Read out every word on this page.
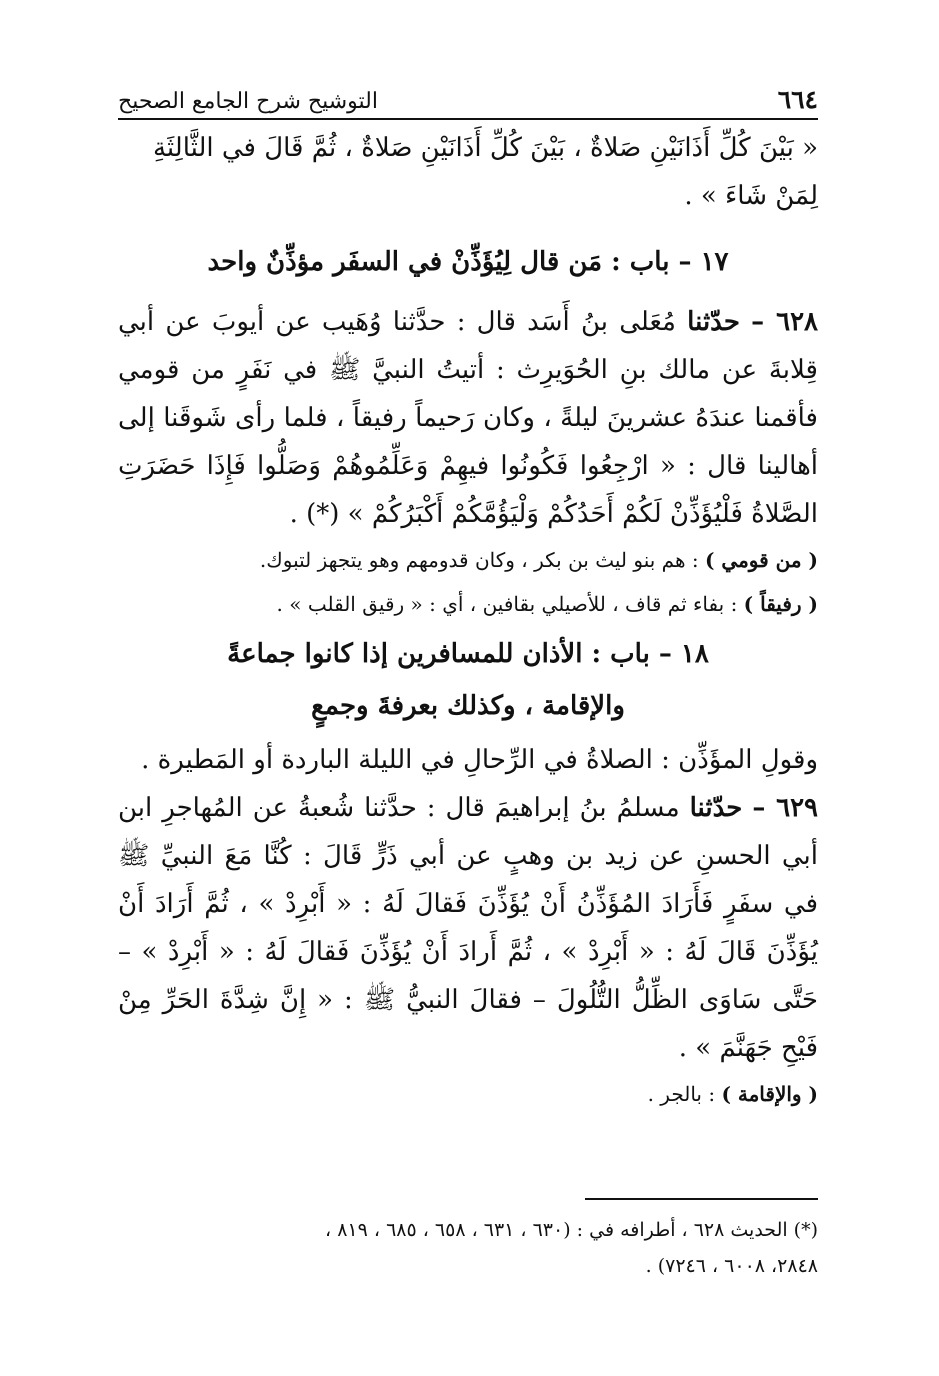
٦٦٤
التوشيح شرح الجامع الصحيح

« بَيْنَ كُلِّ أَذَانَيْنِ صَلاةٌ ، بَيْنَ كُلِّ أَذَانَيْنِ صَلاةٌ ، ثُمَّ قَالَ في الثَّالِثَةِ
لِمَنْ شَاءَ » .

١٧ – باب : مَن قال لِيُؤَذِّنْ في السفَر مؤذِّنٌ واحد

٦٢٨ – حدّثنا مُعَلى بنُ أَسَد قال : حدَّثنا وُهَيب عن أيوبَ عن أبي قِلابةَ عن مالك بنِ الحُوَيرِث : أتيتُ النبيَّ ﷺ في نَفَرٍ من قومي فأقمنا عندَهُ عشرينَ ليلةً ، وكان رَحيماً رفيقاً ، فلما رأى شَوقَنا إلى أهالينا قال : « ارْجِعُوا فَكُونُوا فيهِمْ وَعَلِّمُوهُمْ وَصَلُّوا فَإِذَا حَضَرَتِ الصَّلاةُ فَلْيُؤَذِّنْ لَكُمْ أَحَدُكُمْ وَلْيَؤُمَّكُمْ أَكْبَرُكُمْ » (*) .

( من قومي ) : هم بنو ليث بن بكر ، وكان قدومهم وهو يتجهز لتبوك.
( رفيقاً ) : بفاء ثم قاف ، للأصيلي بقافين ، أي : « رقيق القلب » .
١٨ – باب : الأذان للمسافرين إذا كانوا جماعةً
والإقامة ، وكذلك بعرفةَ وجمعٍ

وقولِ المؤَذِّن : الصلاةُ في الرِّحالِ في الليلة الباردة أو المَطيرة .

٦٢٩ – حدّثنا مسلمُ بنُ إبراهيمَ قال : حدَّثنا شُعبةُ عن المُهاجرِ ابن أبي الحسنِ عن زيد بن وهبٍ عن أبي ذَرٍّ قَالَ : كُنَّا مَعَ النبيِّ ﷺ في سفَرٍ فَأَرَادَ المُؤَذِّنُ أَنْ يُؤَذِّنَ فَقالَ لَهُ : « أَبْرِدْ » ، ثُمَّ أَرَادَ أَنْ يُؤَذِّنَ قَالَ لَهُ : « أَبْرِدْ » ، ثُمَّ أَرادَ أَنْ يُؤَذِّنَ فَقالَ لَهُ : « أَبْرِدْ » – حَتَّى سَاوَى الظِّلُّ التُّلُولَ – فقالَ النبيُّ ﷺ : « إِنَّ شِدَّةَ الحَرِّ مِنْ فَيْحِ جَهَنَّمَ » .

( والإقامة ) : بالجر .
(*) الحديث ٦٢٨ ، أطرافه في : (٦٣٠ ، ٦٣١ ، ٦٥٨ ، ٦٨٥ ، ٨١٩ ،
٢٨٤٨، ٦٠٠٨ ، ٧٢٤٦) .
